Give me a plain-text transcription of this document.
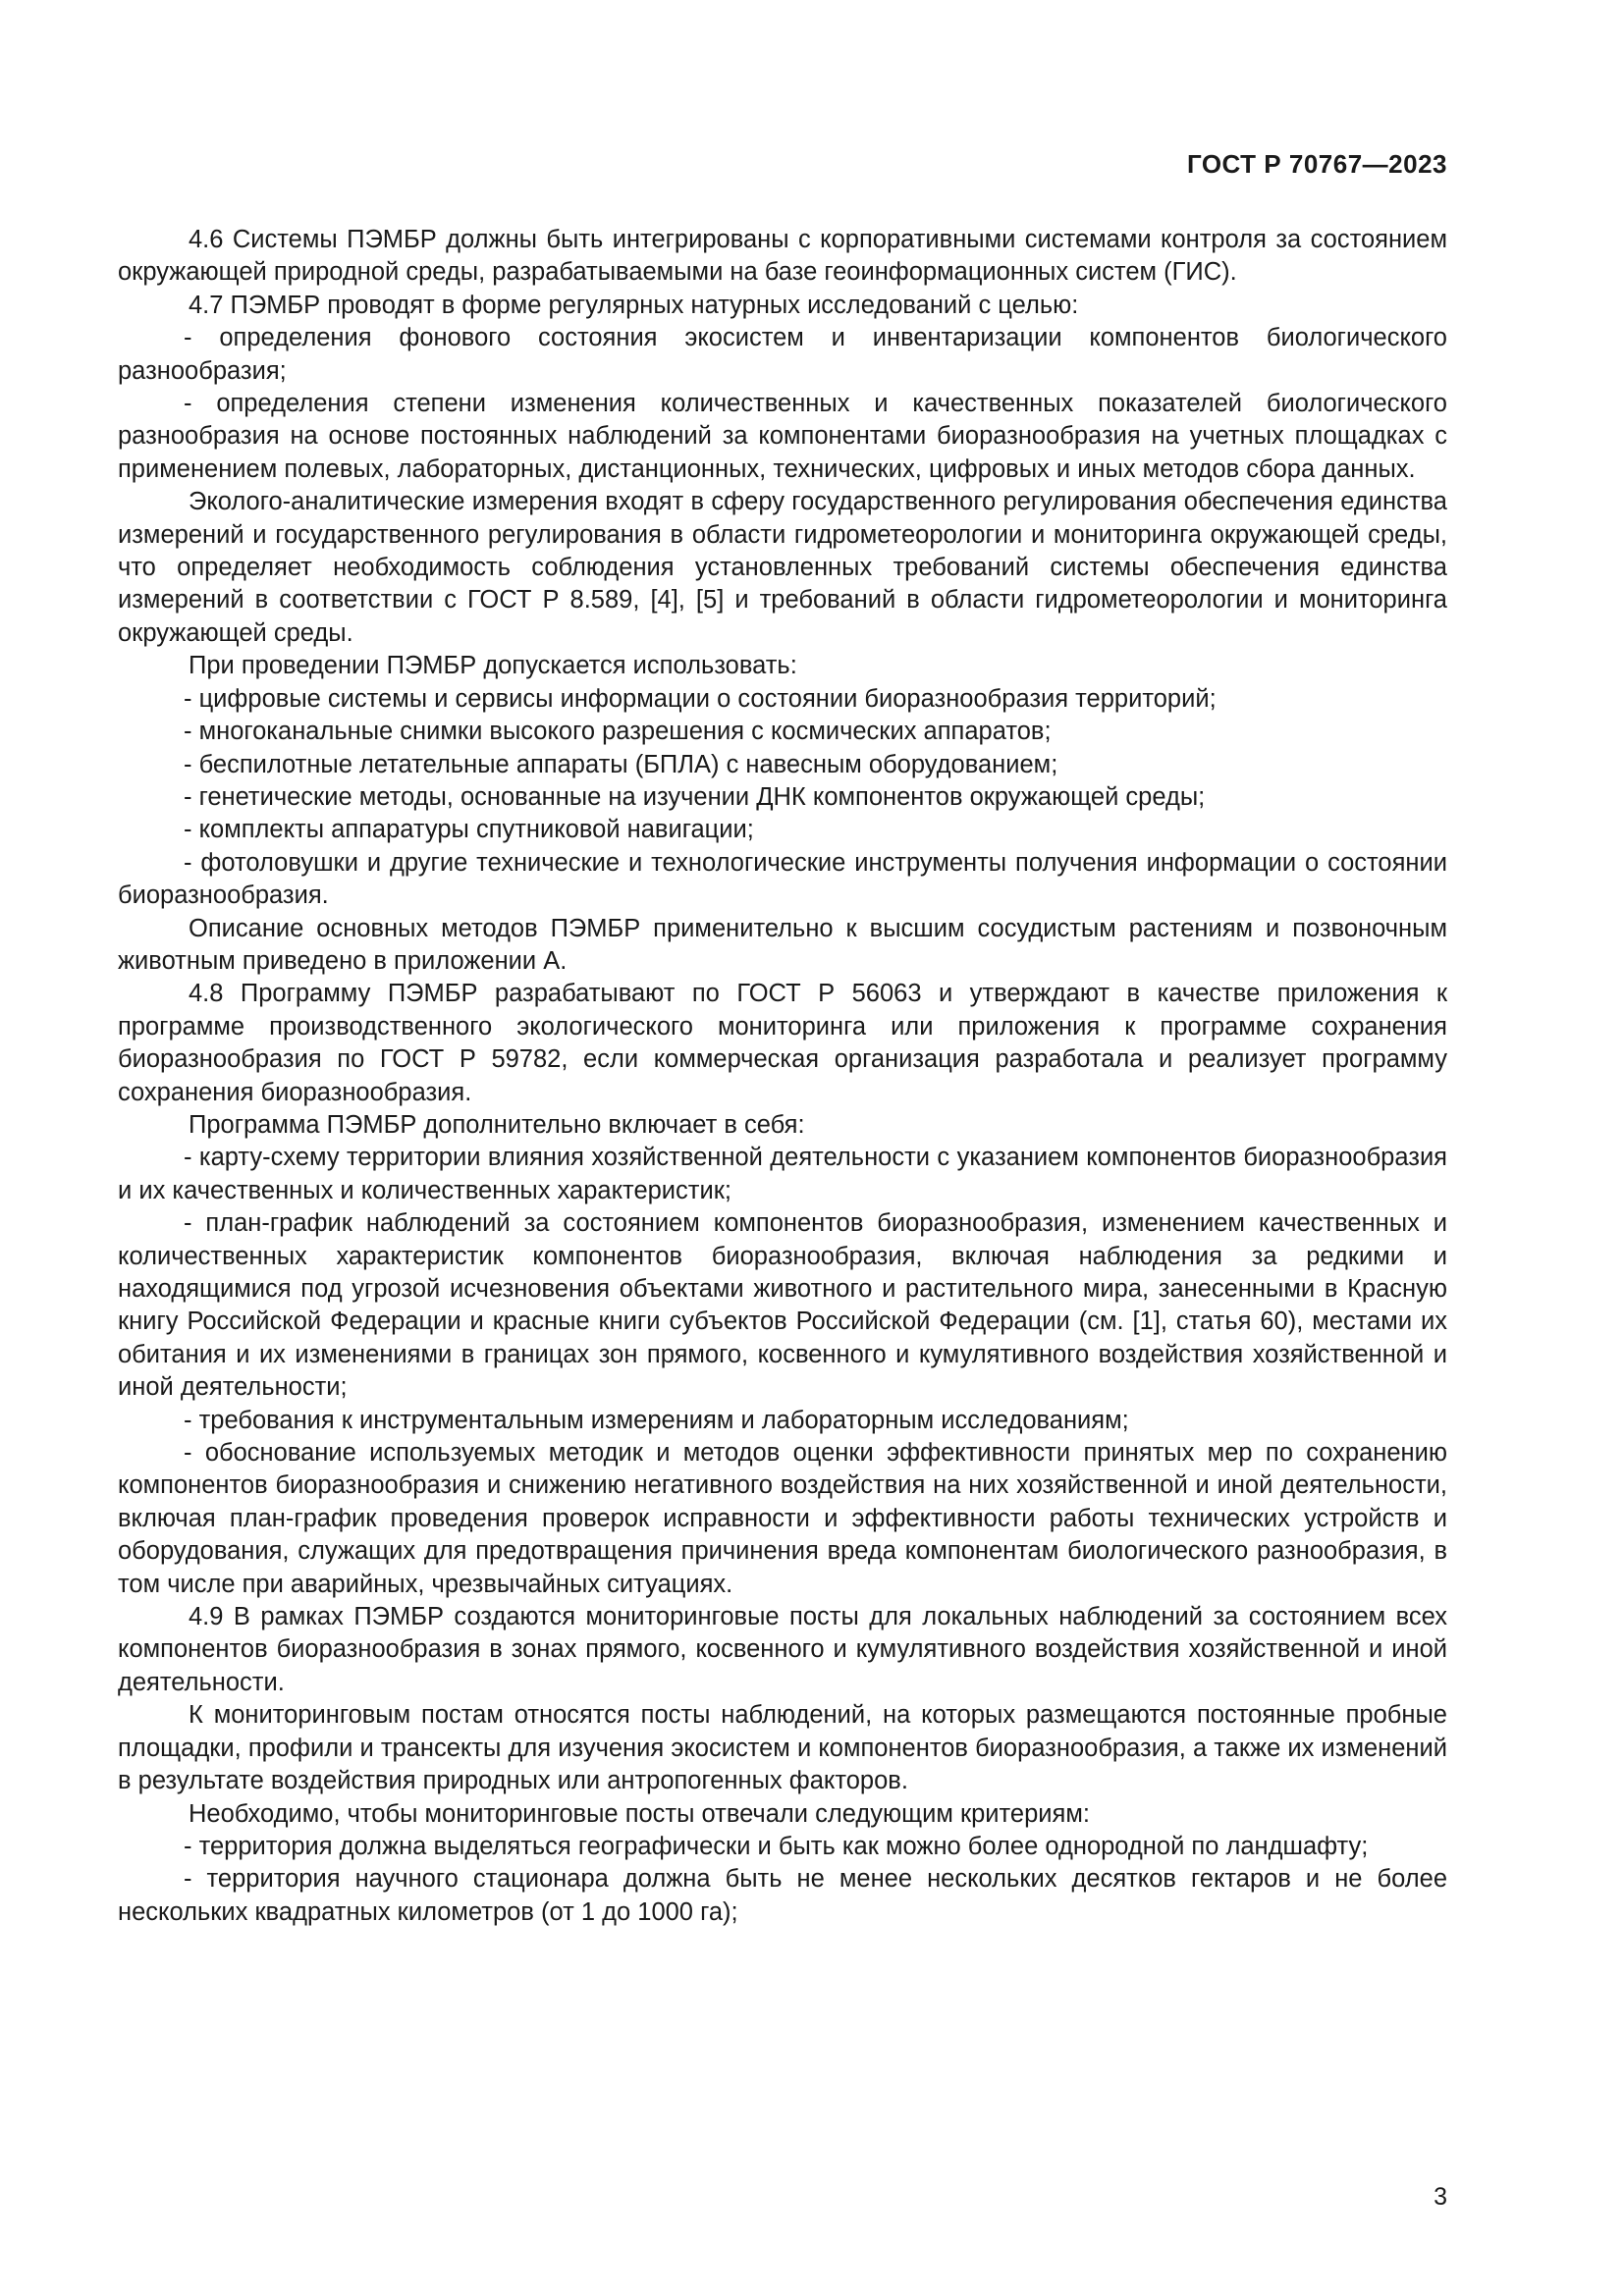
ГОСТ Р 70767—2023

4.6 Системы ПЭМБР должны быть интегрированы с корпоративными системами контроля за состоянием окружающей природной среды, разрабатываемыми на базе геоинформационных систем (ГИС).

4.7 ПЭМБР проводят в форме регулярных натурных исследований с целью:

- определения фонового состояния экосистем и инвентаризации компонентов биологического разнообразия;

- определения степени изменения количественных и качественных показателей биологического разнообразия на основе постоянных наблюдений за компонентами биоразнообразия на учетных площадках с применением полевых, лабораторных, дистанционных, технических, цифровых и иных методов сбора данных.

Эколого-аналитические измерения входят в сферу государственного регулирования обеспечения единства измерений и государственного регулирования в области гидрометеорологии и мониторинга окружающей среды, что определяет необходимость соблюдения установленных требований системы обеспечения единства измерений в соответствии с ГОСТ Р 8.589, [4], [5] и требований в области гидрометеорологии и мониторинга окружающей среды.

При проведении ПЭМБР допускается использовать:

- цифровые системы и сервисы информации о состоянии биоразнообразия территорий;

- многоканальные снимки высокого разрешения с космических аппаратов;

- беспилотные летательные аппараты (БПЛА) с навесным оборудованием;

- генетические методы, основанные на изучении ДНК компонентов окружающей среды;

- комплекты аппаратуры спутниковой навигации;

- фотоловушки и другие технические и технологические инструменты получения информации о состоянии биоразнообразия.

Описание основных методов ПЭМБР применительно к высшим сосудистым растениям и позвоночным животным приведено в приложении А.

4.8 Программу ПЭМБР разрабатывают по ГОСТ Р 56063 и утверждают в качестве приложения к программе производственного экологического мониторинга или приложения к программе сохранения биоразнообразия по ГОСТ Р 59782, если коммерческая организация разработала и реализует программу сохранения биоразнообразия.

Программа ПЭМБР дополнительно включает в себя:

- карту-схему территории влияния хозяйственной деятельности с указанием компонентов биоразнообразия и их качественных и количественных характеристик;

- план-график наблюдений за состоянием компонентов биоразнообразия, изменением качественных и количественных характеристик компонентов биоразнообразия, включая наблюдения за редкими и находящимися под угрозой исчезновения объектами животного и растительного мира, занесенными в Красную книгу Российской Федерации и красные книги субъектов Российской Федерации (см. [1], статья 60), местами их обитания и их изменениями в границах зон прямого, косвенного и кумулятивного воздействия хозяйственной и иной деятельности;

- требования к инструментальным измерениям и лабораторным исследованиям;

- обоснование используемых методик и методов оценки эффективности принятых мер по сохранению компонентов биоразнообразия и снижению негативного воздействия на них хозяйственной и иной деятельности, включая план-график проведения проверок исправности и эффективности работы технических устройств и оборудования, служащих для предотвращения причинения вреда компонентам биологического разнообразия, в том числе при аварийных, чрезвычайных ситуациях.

4.9 В рамках ПЭМБР создаются мониторинговые посты для локальных наблюдений за состоянием всех компонентов биоразнообразия в зонах прямого, косвенного и кумулятивного воздействия хозяйственной и иной деятельности.

К мониторинговым постам относятся посты наблюдений, на которых размещаются постоянные пробные площадки, профили и трансекты для изучения экосистем и компонентов биоразнообразия, а также их изменений в результате воздействия природных или антропогенных факторов.

Необходимо, чтобы мониторинговые посты отвечали следующим критериям:

- территория должна выделяться географически и быть как можно более однородной по ландшафту;

- территория научного стационара должна быть не менее нескольких десятков гектаров и не более нескольких квадратных километров (от 1 до 1000 га);

3
